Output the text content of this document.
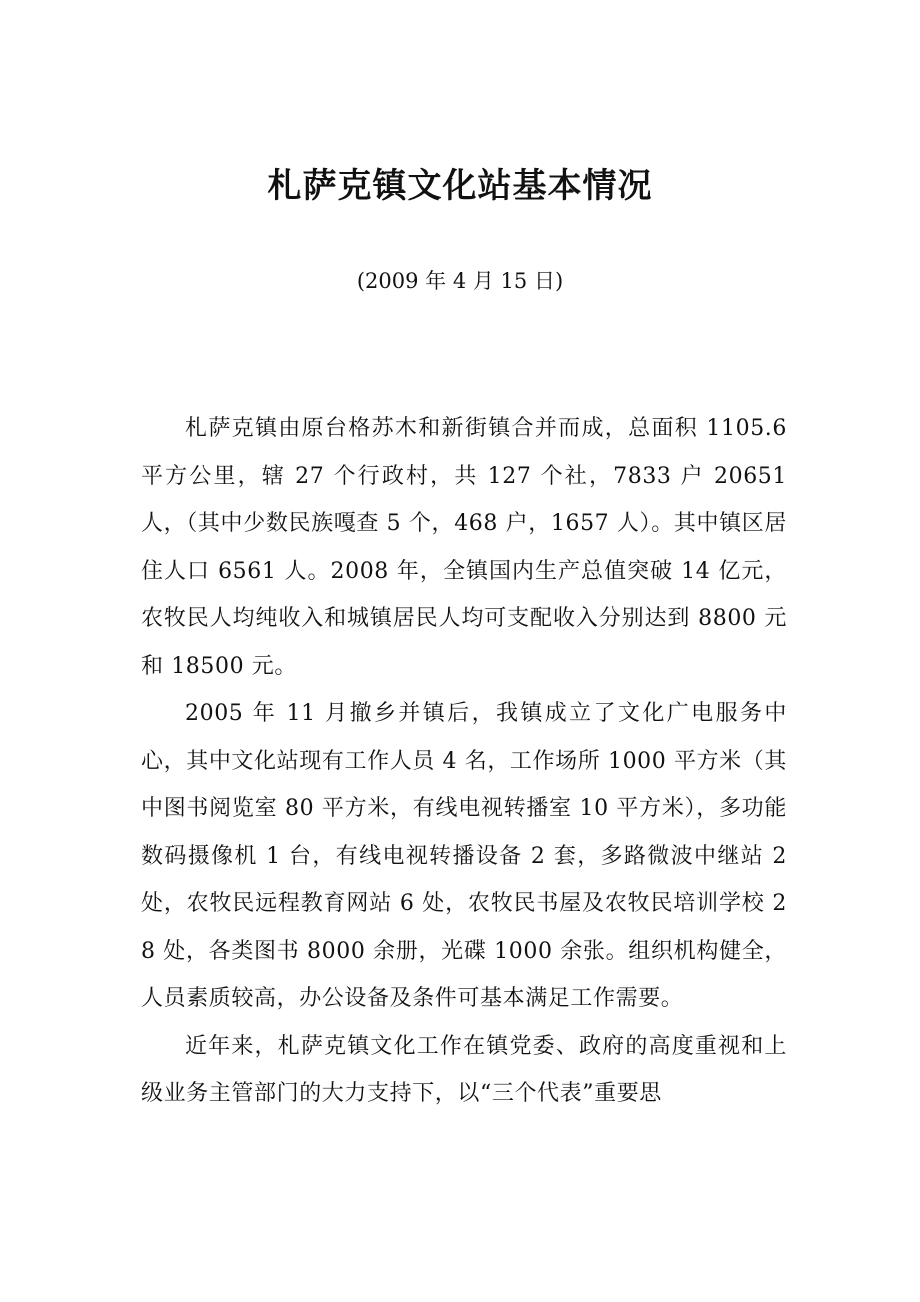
札萨克镇文化站基本情况

(2009 年 4 月 15 日)

札萨克镇由原台格苏木和新街镇合并而成，总面积 1105.6 平方公里，辖 27 个行政村，共 127 个社，7833 户 20651 人，（其中少数民族嘎查 5 个，468 户，1657 人）。其中镇区居住人口 6561 人。2008 年，全镇国内生产总值突破 14 亿元，农牧民人均纯收入和城镇居民人均可支配收入分别达到 8800 元和 18500 元。

2005 年 11 月撤乡并镇后，我镇成立了文化广电服务中心，其中文化站现有工作人员 4 名，工作场所 1000 平方米（其中图书阅览室 80 平方米，有线电视转播室 10 平方米），多功能数码摄像机 1 台，有线电视转播设备 2 套，多路微波中继站 2 处，农牧民远程教育网站 6 处，农牧民书屋及农牧民培训学校 28 处，各类图书 8000 余册，光碟 1000 余张。组织机构健全，人员素质较高，办公设备及条件可基本满足工作需要。

近年来，札萨克镇文化工作在镇党委、政府的高度重视和上级业务主管部门的大力支持下，以“三个代表”重要思
